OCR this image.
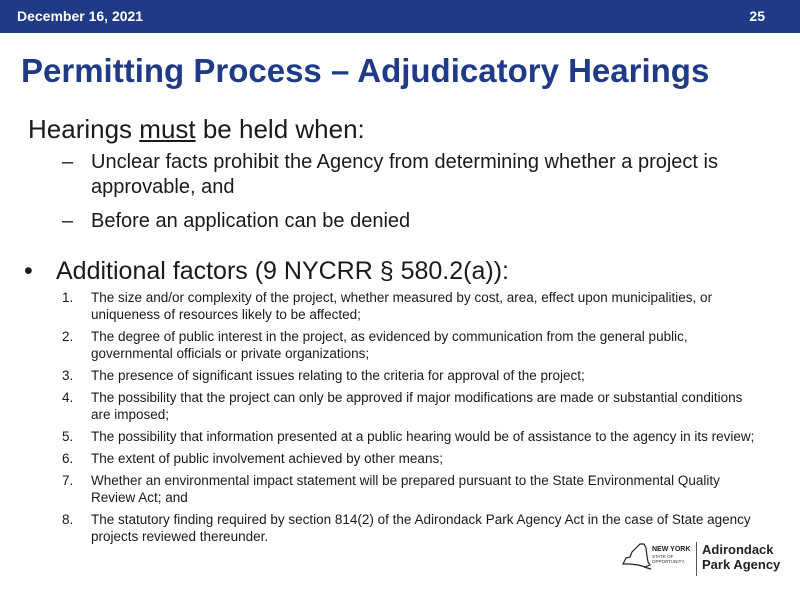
December 16, 2021	25
Permitting Process – Adjudicatory Hearings
Hearings must be held when:
– Unclear facts prohibit the Agency from determining whether a project is approvable, and
– Before an application can be denied
• Additional factors (9 NYCRR § 580.2(a)):
1. The size and/or complexity of the project, whether measured by cost, area, effect upon municipalities, or uniqueness of resources likely to be affected;
2. The degree of public interest in the project, as evidenced by communication from the general public, governmental officials or private organizations;
3. The presence of significant issues relating to the criteria for approval of the project;
4. The possibility that the project can only be approved if major modifications are made or substantial conditions are imposed;
5. The possibility that information presented at a public hearing would be of assistance to the agency in its review;
6. The extent of public involvement achieved by other means;
7. Whether an environmental impact statement will be prepared pursuant to the State Environmental Quality Review Act; and
8. The statutory finding required by section 814(2) of the Adirondack Park Agency Act in the case of State agency projects reviewed thereunder.
NEW YORK
STATE OF
OPPORTUNITY.
Adirondack
Park Agency
